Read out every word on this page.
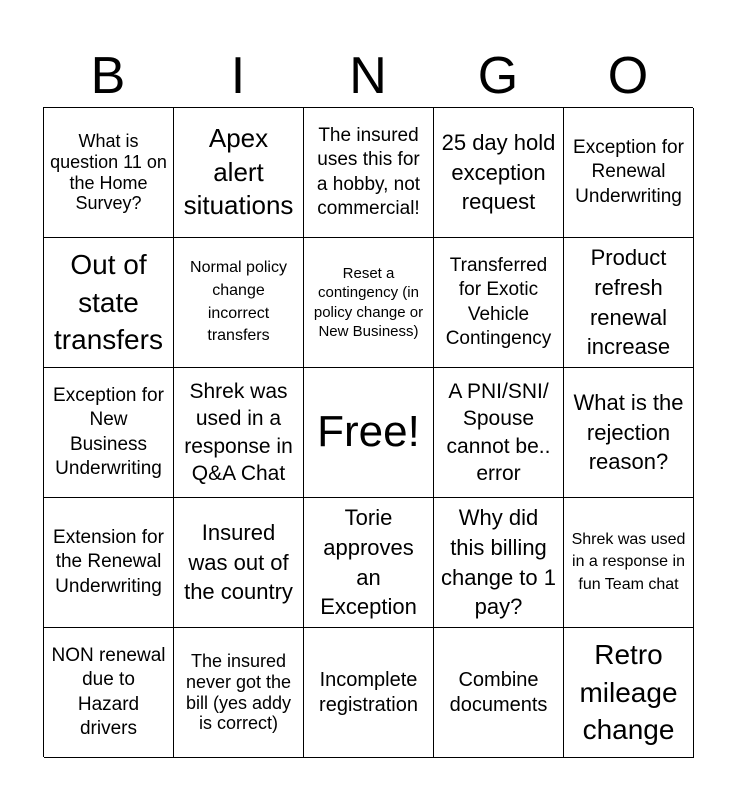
B	I	N	G	O
What is question 11 on the Home Survey?
Apex alert situations
The insured uses this for a hobby, not commercial!
25 day hold exception request
Exception for Renewal Underwriting
Out of state transfers
Normal policy change incorrect transfers
Reset a contingency (in policy change or New Business)
Transferred for Exotic Vehicle Contingency
Product refresh renewal increase
Exception for New Business Underwriting
Shrek was used in a response in Q&A Chat
Free!
A PNI/SNI/ Spouse cannot be.. error
What is the rejection reason?
Extension for the Renewal Underwriting
Insured was out of the country
Torie approves an Exception
Why did this billing change to 1 pay?
Shrek was used in a response in fun Team chat
NON renewal due to Hazard drivers
The insured never got the bill (yes addy is correct)
Incomplete registration
Combine documents
Retro mileage change
